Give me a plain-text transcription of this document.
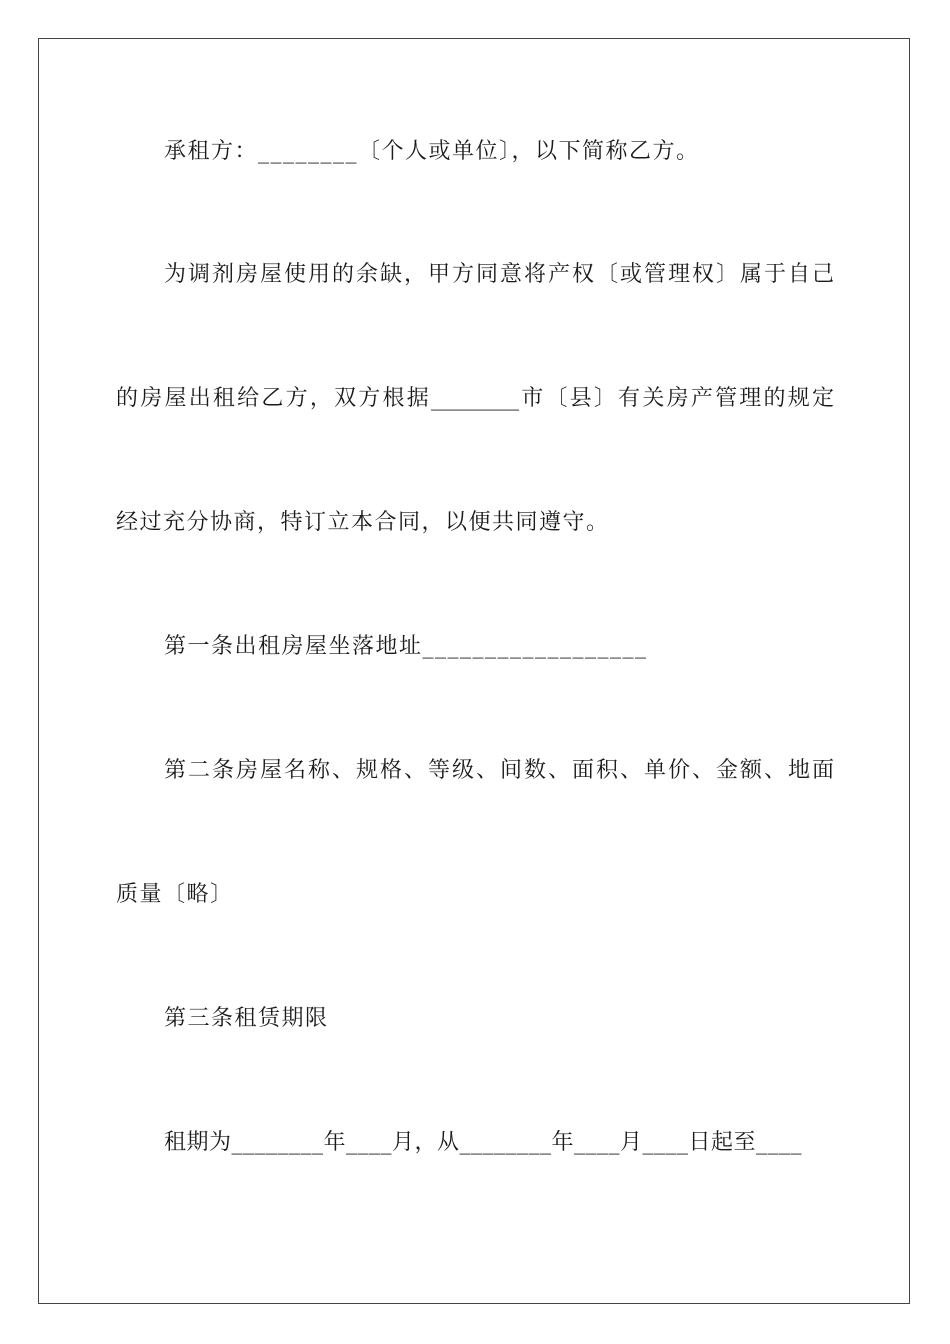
承租方：________〔个人或单位〕，以下简称乙方。
为调剂房屋使用的余缺，甲方同意将产权〔或管理权〕属于自己
的房屋出租给乙方，双方根据________市〔县〕有关房产管理的规定
经过充分协商，特订立本合同，以便共同遵守。
第一条出租房屋坐落地址__________________
第二条房屋名称、规格、等级、间数、面积、单价、金额、地面
质量〔略〕
第三条租赁期限
租期为________年____月，从________年____月____日起至____
